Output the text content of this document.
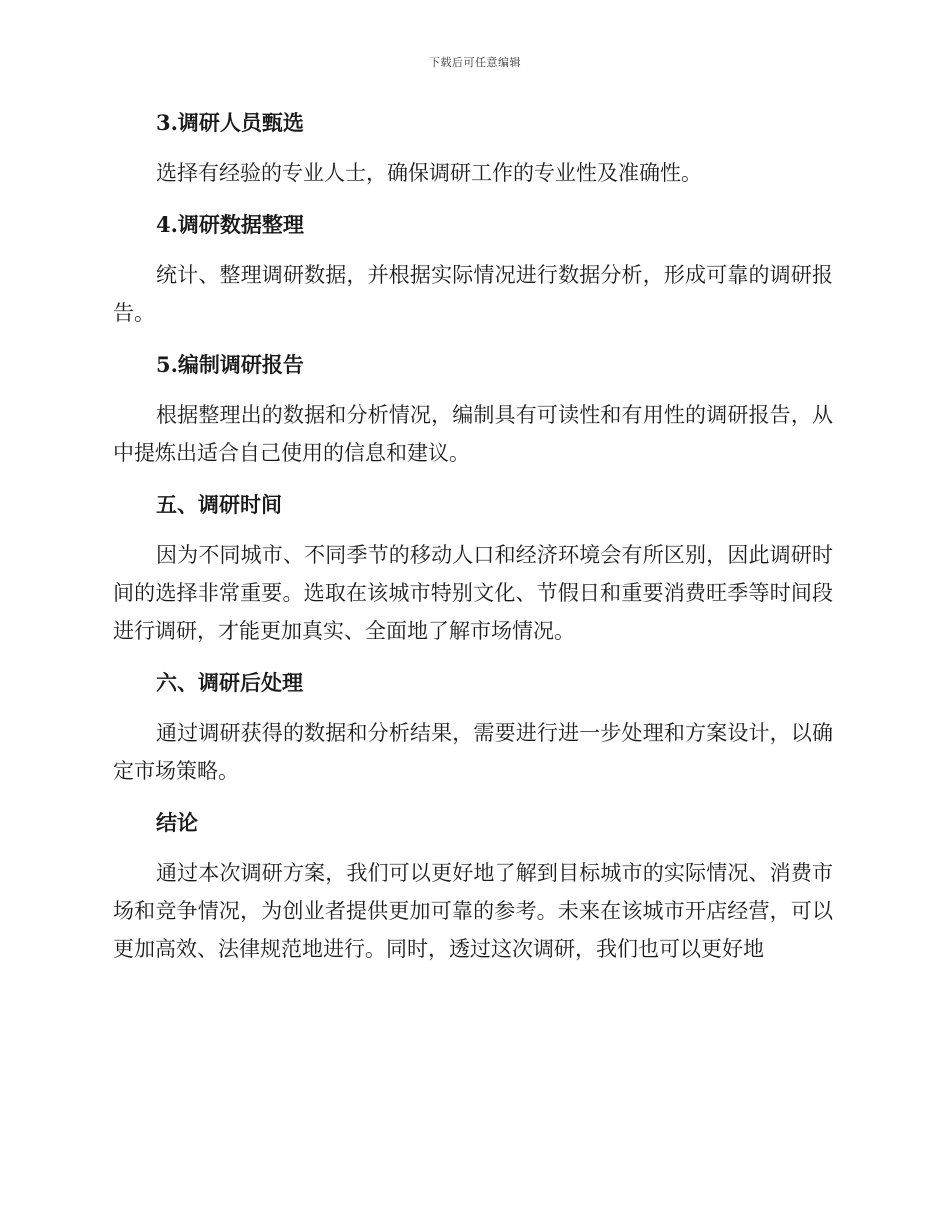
下载后可任意编辑

3.调研人员甄选

选择有经验的专业人士，确保调研工作的专业性及准确性。

4.调研数据整理

统计、整理调研数据，并根据实际情况进行数据分析，形成可靠的调研报告。

5.编制调研报告

根据整理出的数据和分析情况，编制具有可读性和有用性的调研报告，从中提炼出适合自己使用的信息和建议。

五、调研时间

因为不同城市、不同季节的移动人口和经济环境会有所区别，因此调研时间的选择非常重要。选取在该城市特别文化、节假日和重要消费旺季等时间段进行调研，才能更加真实、全面地了解市场情况。

六、调研后处理

通过调研获得的数据和分析结果，需要进行进一步处理和方案设计，以确定市场策略。

结论

通过本次调研方案，我们可以更好地了解到目标城市的实际情况、消费市场和竞争情况，为创业者提供更加可靠的参考。未来在该城市开店经营，可以更加高效、法律规范地进行。同时，透过这次调研，我们也可以更好地
